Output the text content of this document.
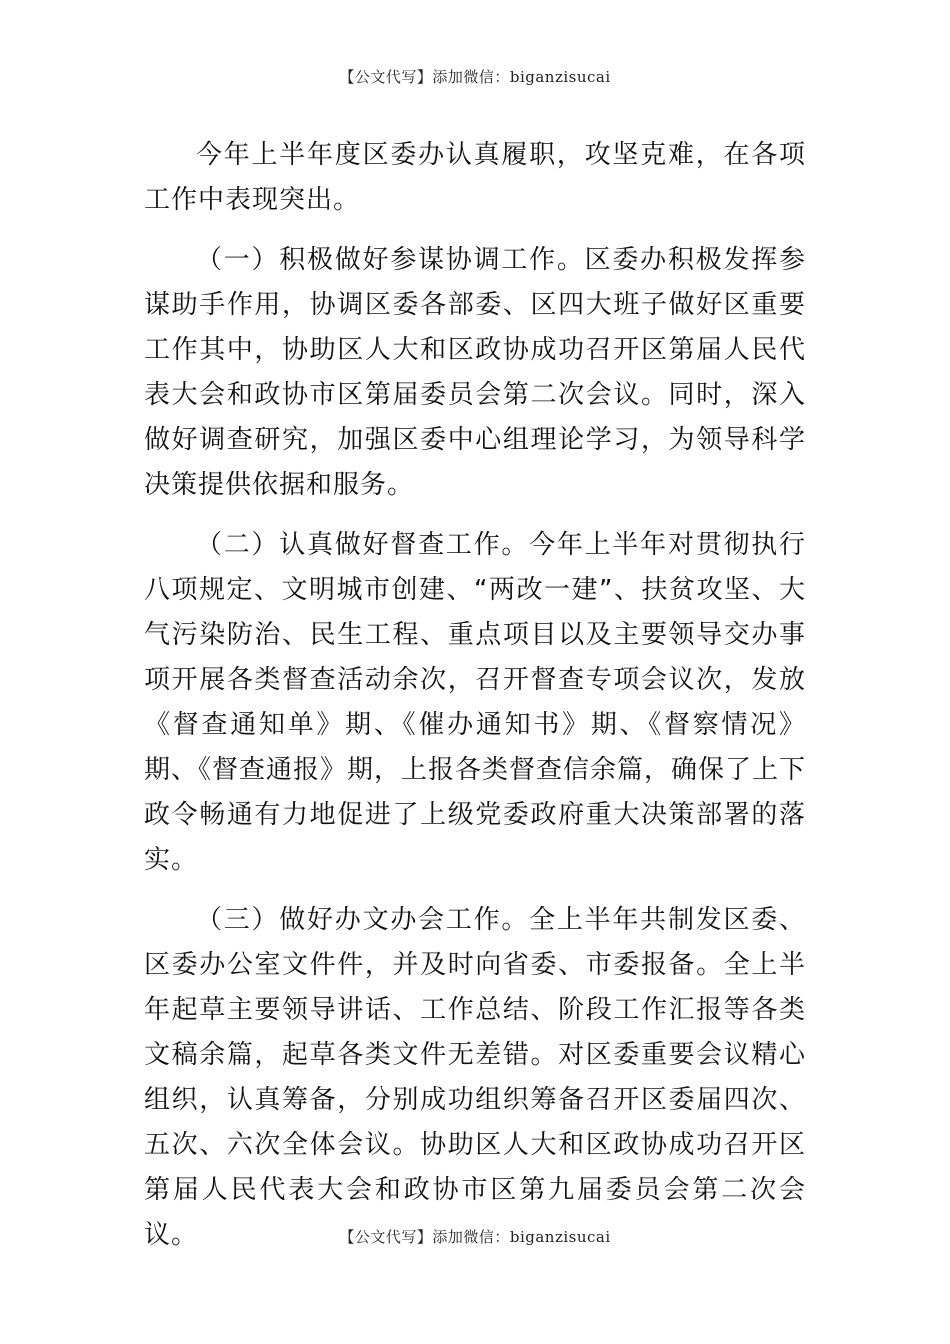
【公文代写】添加微信：biganzisucai

今年上半年度区委办认真履职，攻坚克难，在各项工作中表现突出。

（一）积极做好参谋协调工作。区委办积极发挥参谋助手作用，协调区委各部委、区四大班子做好区重要工作其中，协助区人大和区政协成功召开区第届人民代表大会和政协市区第届委员会第二次会议。同时，深入做好调查研究，加强区委中心组理论学习，为领导科学决策提供依据和服务。

（二）认真做好督查工作。今年上半年对贯彻执行八项规定、文明城市创建、“两改一建”、扶贫攻坚、大气污染防治、民生工程、重点项目以及主要领导交办事项开展各类督查活动余次，召开督查专项会议次，发放《督查通知单》期、《催办通知书》期、《督察情况》期、《督查通报》期，上报各类督查信余篇，确保了上下政令畅通有力地促进了上级党委政府重大决策部署的落实。

（三）做好办文办会工作。全上半年共制发区委、区委办公室文件件，并及时向省委、市委报备。全上半年起草主要领导讲话、工作总结、阶段工作汇报等各类文稿余篇，起草各类文件无差错。对区委重要会议精心组织，认真筹备，分别成功组织筹备召开区委届四次、五次、六次全体会议。协助区人大和区政协成功召开区第届人民代表大会和政协市区第九届委员会第二次会议。	【公文代写】添加微信：biganzisucai
